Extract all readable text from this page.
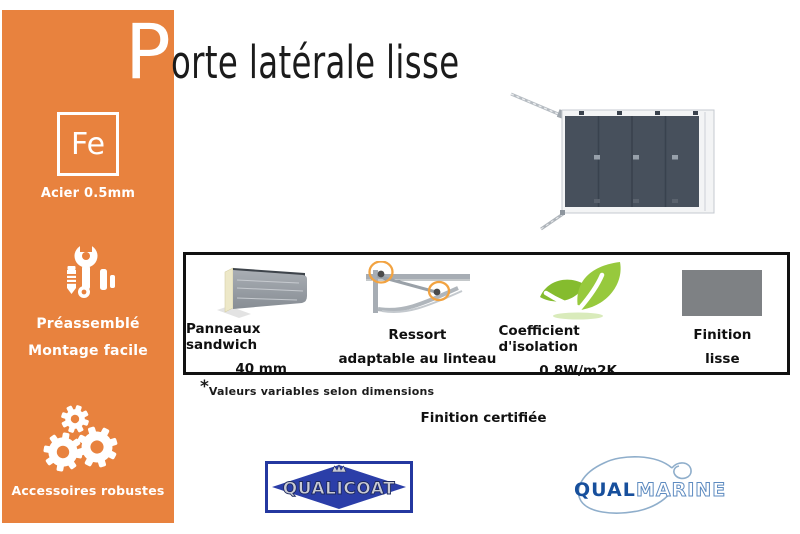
Fe
Acier 0.5mm
Préassemblé
Montage facile
Accessoires robustes
P orte latérale lisse
Panneaux sandwich
40 mm
Ressort
adaptable au linteau
Coefficient d'isolation
0.8W/m2K
Finition
lisse
*Valeurs variables selon dimensions
Finition certifiée
QUALICOAT	QUALI
MARINE
